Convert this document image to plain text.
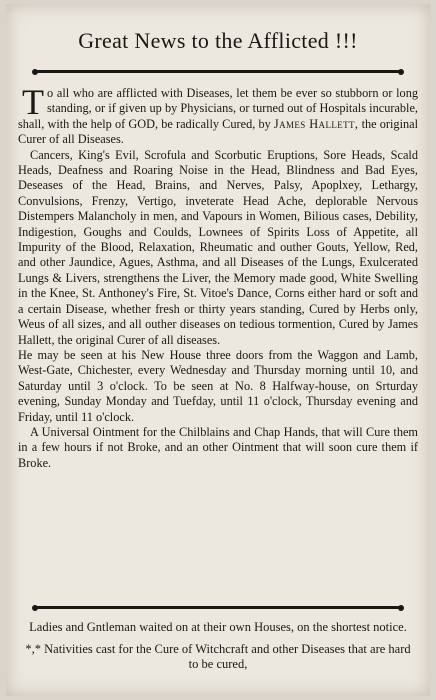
Great News to the Afflicted !!!

To all who are afflicted with Diseases, let them be ever so stubborn or long standing, or if given up by Physicians, or turned out of Hospitals incurable, shall, with the help of GOD, be radically Cured, by James Hallett, the original Curer of all Diseases.

Cancers, King's Evil, Scrofula and Scorbutic Eruptions, Sore Heads, Scald Heads, Deafness and Roaring Noise in the Head, Blindness and Bad Eyes, Deseases of the Head, Brains, and Nerves, Palsy, Apoplxey, Lethargy, Convulsions, Frenzy, Vertigo, inveterate Head Ache, deplorable Nervous Distempers Malancholy in men, and Vapours in Women, Bilious cases, Debility, Indigestion, Goughs and Coulds, Lownees of Spirits Loss of Appetite, all Impurity of the Blood, Relaxation, Rheumatic and outher Gouts, Yellow, Red, and other Jaundice, Agues, Asthma, and all Diseases of the Lungs, Exulcerated Lungs & Livers, strengthens the Liver, the Memory made good, White Swelling in the Knee, St. Anthoney's Fire, St. Vitoe's Dance, Corns either hard or soft and a certain Disease, whether fresh or thirty years standing, Cured by Herbs only, Weus of all sizes, and all outher diseases on tedious tormention, Cured by James Hallett, the original Curer of all diseases.

He may be seen at his New House three doors from the Waggon and Lamb, West-Gate, Chichester, every Wednesday and Thursday morning until 10, and Saturday until 3 o'clock. To be seen at No. 8 Halfway-house, on Srturday evening, Sunday Monday and Tuefday, until 11 o'clock, Thursday evening and Friday, until 11 o'clock.

A Universal Ointment for the Chilblains and Chap Hands, that will Cure them in a few hours if not Broke, and an other Ointment that will soon cure them if Broke.

Ladies and Gntleman waited on at their own Houses, on the shortest notice.

*,* Nativities cast for the Cure of Witchcraft and other Diseases that are hard to be cured,
